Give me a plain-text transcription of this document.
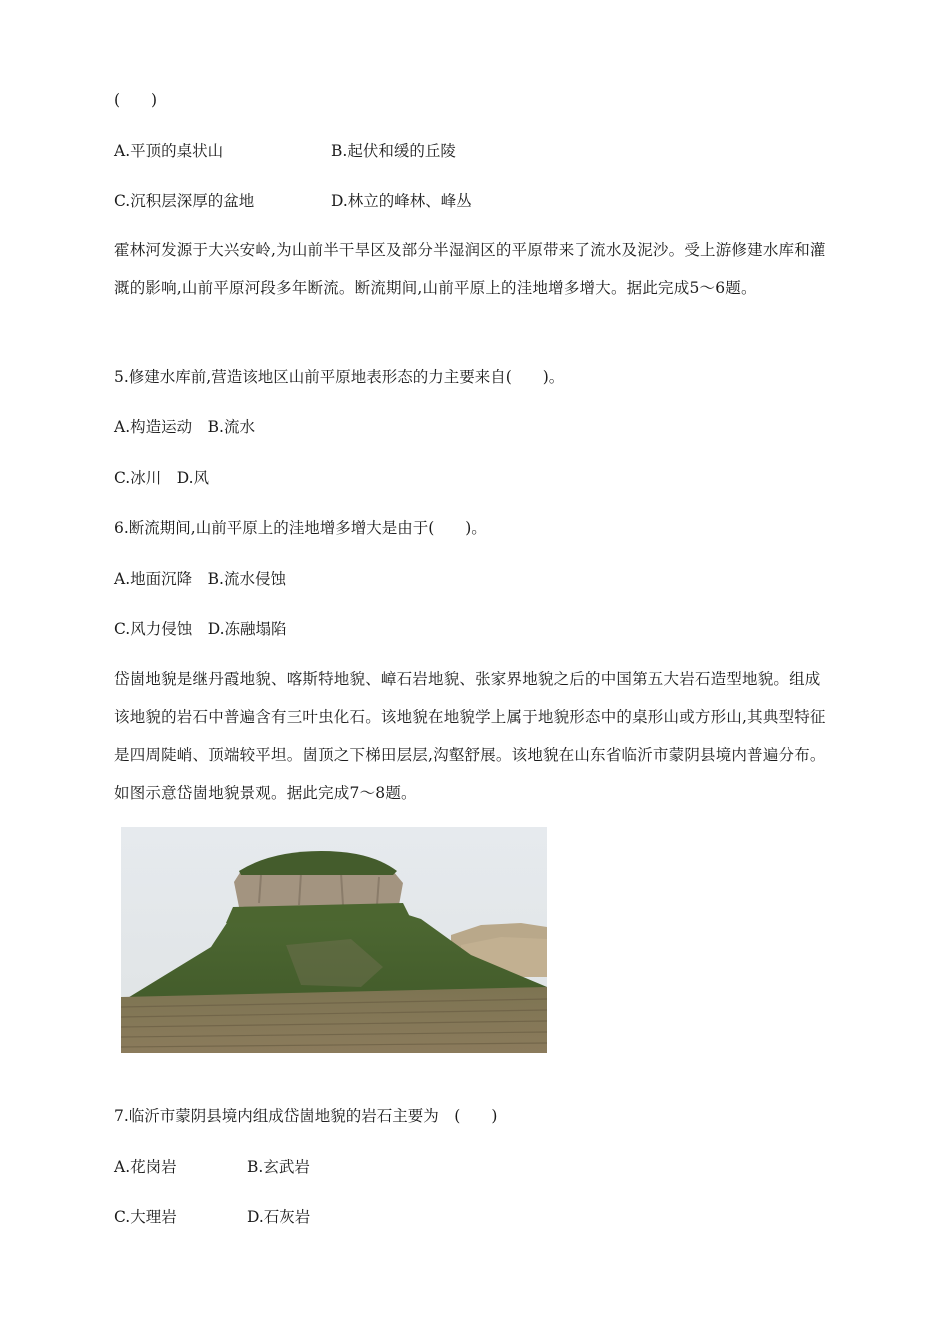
(　　)
A.平顶的桌状山	B.起伏和缓的丘陵
C.沉积层深厚的盆地	D.林立的峰林、峰丛
霍林河发源于大兴安岭,为山前半干旱区及部分半湿润区的平原带来了流水及泥沙。受上游修建水库和灌溉的影响,山前平原河段多年断流。断流期间,山前平原上的洼地增多增大。据此完成5～6题。
5.修建水库前,营造该地区山前平原地表形态的力主要来自(　　)。
A.构造运动　B.流水
C.冰川　D.风
6.断流期间,山前平原上的洼地增多增大是由于(　　)。
A.地面沉降　B.流水侵蚀
C.风力侵蚀　D.冻融塌陷
岱崮地貌是继丹霞地貌、喀斯特地貌、嶂石岩地貌、张家界地貌之后的中国第五大岩石造型地貌。组成该地貌的岩石中普遍含有三叶虫化石。该地貌在地貌学上属于地貌形态中的桌形山或方形山,其典型特征是四周陡峭、顶端较平坦。崮顶之下梯田层层,沟壑舒展。该地貌在山东省临沂市蒙阴县境内普遍分布。如图示意岱崮地貌景观。据此完成7～8题。
7.临沂市蒙阴县境内组成岱崮地貌的岩石主要为　(　　)
A.花岗岩	B.玄武岩
C.大理岩	D.石灰岩
